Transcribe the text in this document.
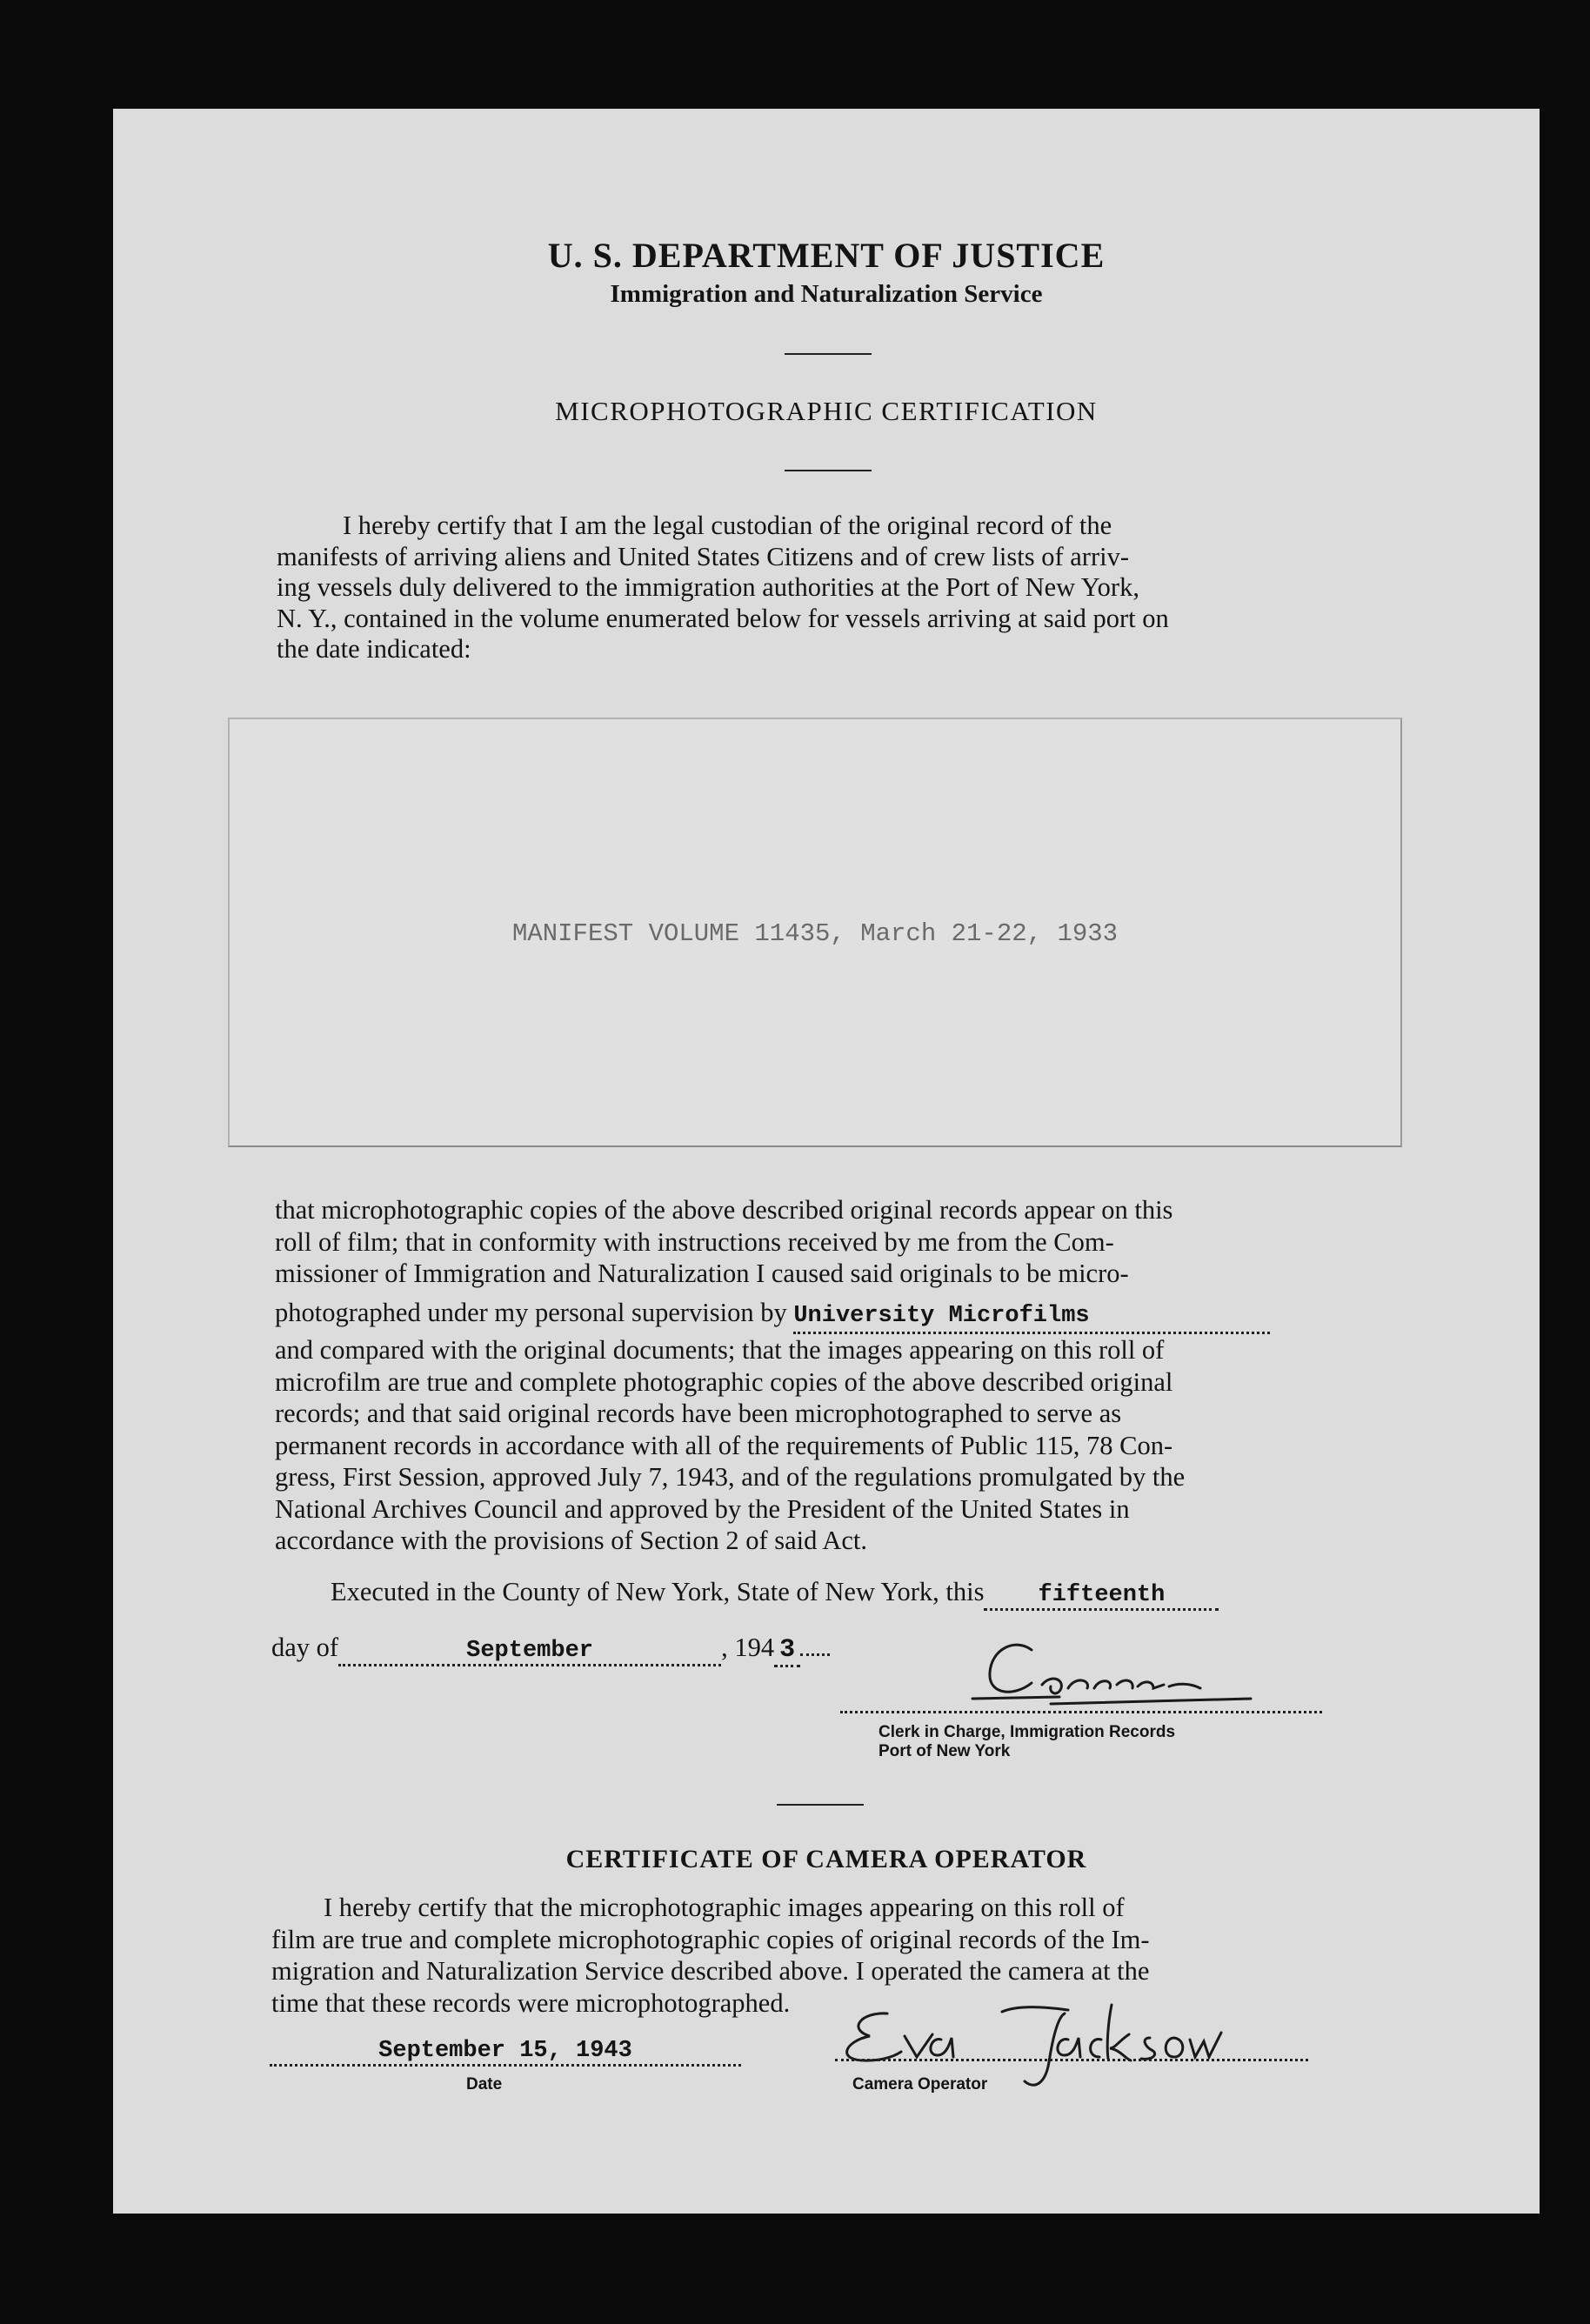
U. S. DEPARTMENT OF JUSTICE
Immigration and Naturalization Service
MICROPHOTOGRAPHIC CERTIFICATION
I hereby certify that I am the legal custodian of the original record of the
manifests of arriving aliens and United States Citizens and of crew lists of arriv-
ing vessels duly delivered to the immigration authorities at the Port of New York,
N. Y., contained in the volume enumerated below for vessels arriving at said port on
the date indicated:
MANIFEST VOLUME 11435, March 21-22, 1933
that microphotographic copies of the above described original records appear on this
roll of film; that in conformity with instructions received by me from the Com-
missioner of Immigration and Naturalization I caused said originals to be micro-
photographed under my personal supervision by University Microfilms
and compared with the original documents; that the images appearing on this roll of
microfilm are true and complete photographic copies of the above described original
records; and that said original records have been microphotographed to serve as
permanent records in accordance with all of the requirements of Public 115, 78 Con-
gress, First Session, approved July 7, 1943, and of the regulations promulgated by the
National Archives Council and approved by the President of the United States in
accordance with the provisions of Section 2 of said Act.
Executed in the County of New York, State of New York, this fifteenth
day of	September	, 194 3
Clerk in Charge, Immigration Records
Port of New York
CERTIFICATE OF CAMERA OPERATOR
I hereby certify that the microphotographic images appearing on this roll of
film are true and complete microphotographic copies of original records of the Im-
migration and Naturalization Service described above. I operated the camera at the
time that these records were microphotographed.
September 15, 1943
Date	Camera Operator
